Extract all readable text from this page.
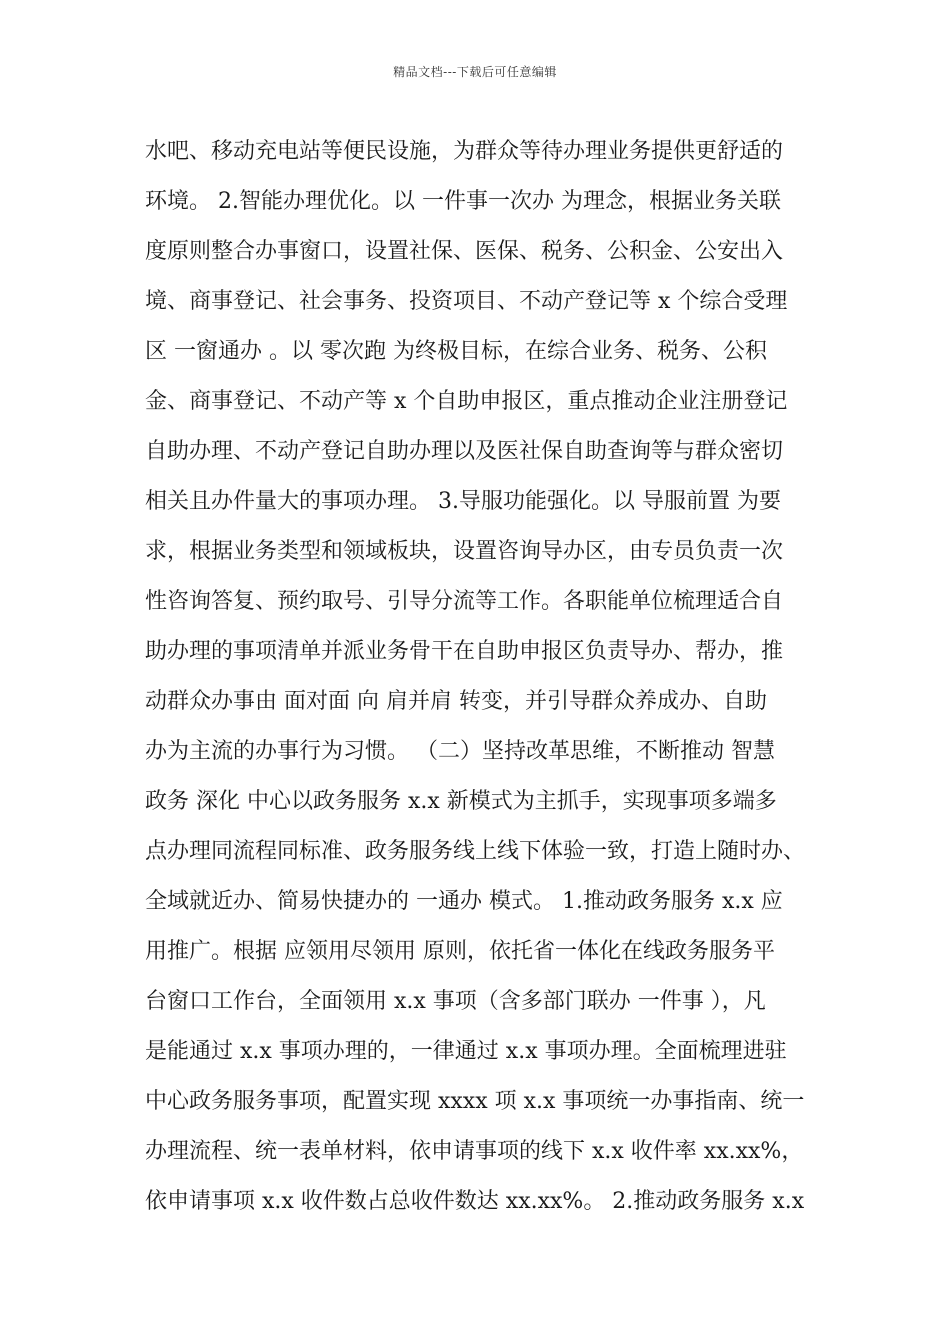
精品文档---下载后可任意编辑
水吧、移动充电站等便民设施，为群众等待办理业务提供更舒适的
环境。 2.智能办理优化。以 一件事一次办 为理念，根据业务关联
度原则整合办事窗口，设置社保、医保、税务、公积金、公安出入
境、商事登记、社会事务、投资项目、不动产登记等 x 个综合受理
区 一窗通办 。以 零次跑 为终极目标，在综合业务、税务、公积
金、商事登记、不动产等 x 个自助申报区，重点推动企业注册登记
自助办理、不动产登记自助办理以及医社保自助查询等与群众密切
相关且办件量大的事项办理。 3.导服功能强化。以 导服前置 为要
求，根据业务类型和领域板块，设置咨询导办区，由专员负责一次
性咨询答复、预约取号、引导分流等工作。各职能单位梳理适合自
助办理的事项清单并派业务骨干在自助申报区负责导办、帮办，推
动群众办事由 面对面 向 肩并肩 转变，并引导群众养成办、自助
办为主流的办事行为习惯。 （二）坚持改革思维，不断推动 智慧
政务 深化 中心以政务服务 x.x 新模式为主抓手，实现事项多端多
点办理同流程同标准、政务服务线上线下体验一致，打造上随时办、
全域就近办、简易快捷办的 一通办 模式。 1.推动政务服务 x.x 应
用推广。根据 应领用尽领用 原则，依托省一体化在线政务服务平
台窗口工作台，全面领用 x.x 事项（含多部门联办 一件事 ），凡
是能通过 x.x 事项办理的，一律通过 x.x 事项办理。全面梳理进驻
中心政务服务事项，配置实现 xxxx 项 x.x 事项统一办事指南、统一
办理流程、统一表单材料，依申请事项的线下 x.x 收件率 xx.xx%，
依申请事项 x.x 收件数占总收件数达 xx.xx%。 2.推动政务服务 x.x
